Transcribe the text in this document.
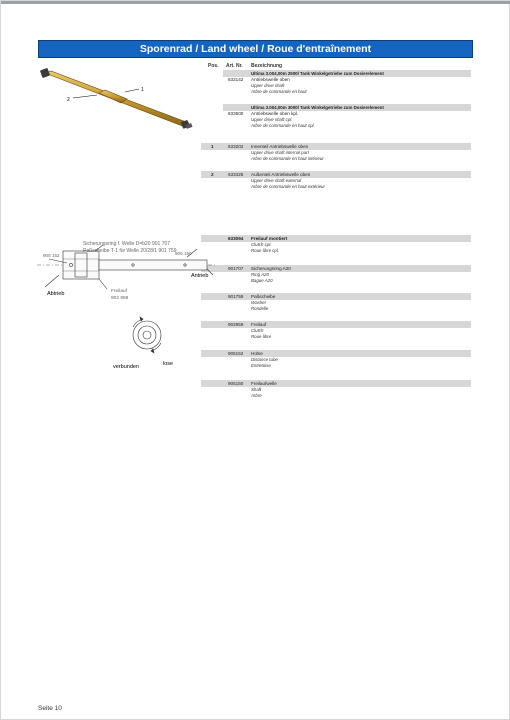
Sporenrad / Land wheel / Roue d'entraînement
1
2
Pos. Art. Nr. Bezeichnung
Ultima 3.004,00m 2500l Tank Winkelgetriebe zum Dosierelement
632142 Antriebswelle oben
Upper drive shaft
Arbre de commande en haut
Ultima 3.004,00m 3000l Tank Winkelgetriebe zum Dosierelement
633500 Antriebswelle oben kpl.
Upper drive shaft cpl.
Arbre de commande en haut cpl.
1	633202 Innenteil Antriebswelle oben
Upper drive shaft internal part
Arbre de commande en haut intérieur
2	633426 Außenteil Antriebswelle oben
Upper drive shaft external
Arbre de commande en haut extérieur
633094 Freilauf montiert
Clutch cpl.
Roue libre cpl.
901707 Sicherungsring A20
Ring A20
Bague A20
901759 Paßscheibe
Washer
Rondelle
902959 Freilauf
Clutch
Roue libre
905152 Hülse
Distance tube
Entretoise
905150 Freilaufwelle
Shaft
Arbre
Sicherungsring f. Welle D=b20 901 707
Paßscheibe T-1 für Welle 20/28/1 901 759
905 152	905 150
Abtrieb
Antrieb
Freilauf
902 959
verbunden	lose
Seite 10
